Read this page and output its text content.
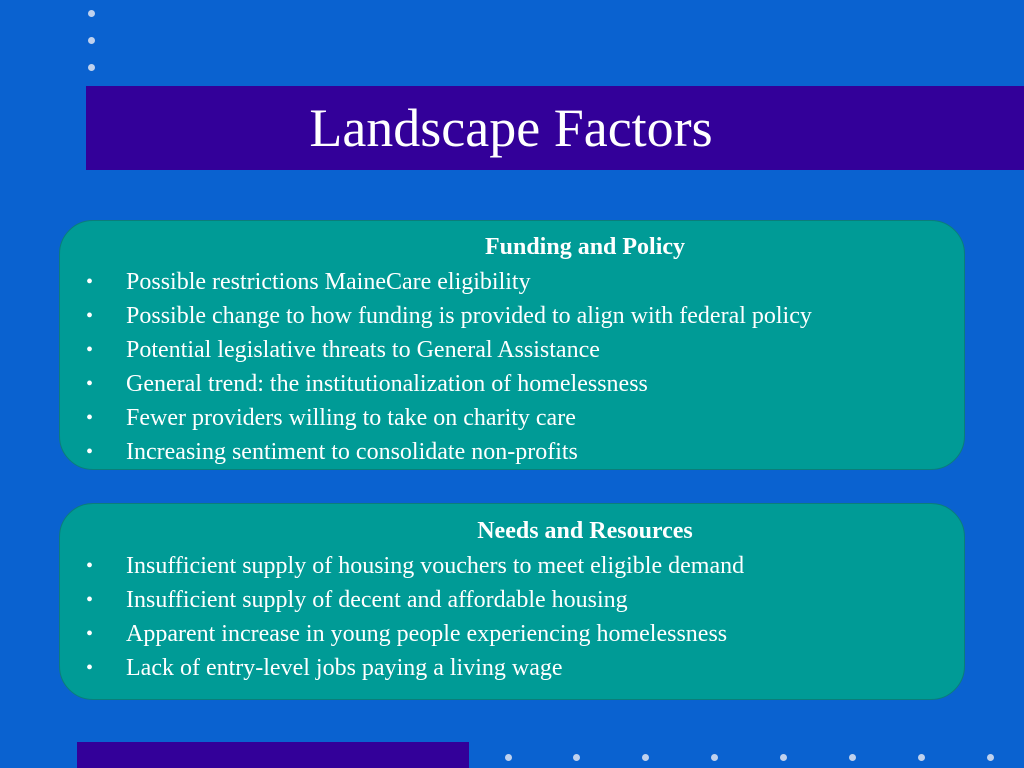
Landscape Factors
Funding and Policy
• Possible restrictions MaineCare eligibility
• Possible change to how funding is provided to align with federal policy
• Potential legislative threats to General Assistance
• General trend: the institutionalization of homelessness
• Fewer providers willing to take on charity care
• Increasing sentiment to consolidate non-profits
Needs and Resources
• Insufficient supply of housing vouchers to meet eligible demand
• Insufficient supply of decent and affordable housing
• Apparent increase in young people experiencing homelessness
• Lack of entry-level jobs paying a living wage
